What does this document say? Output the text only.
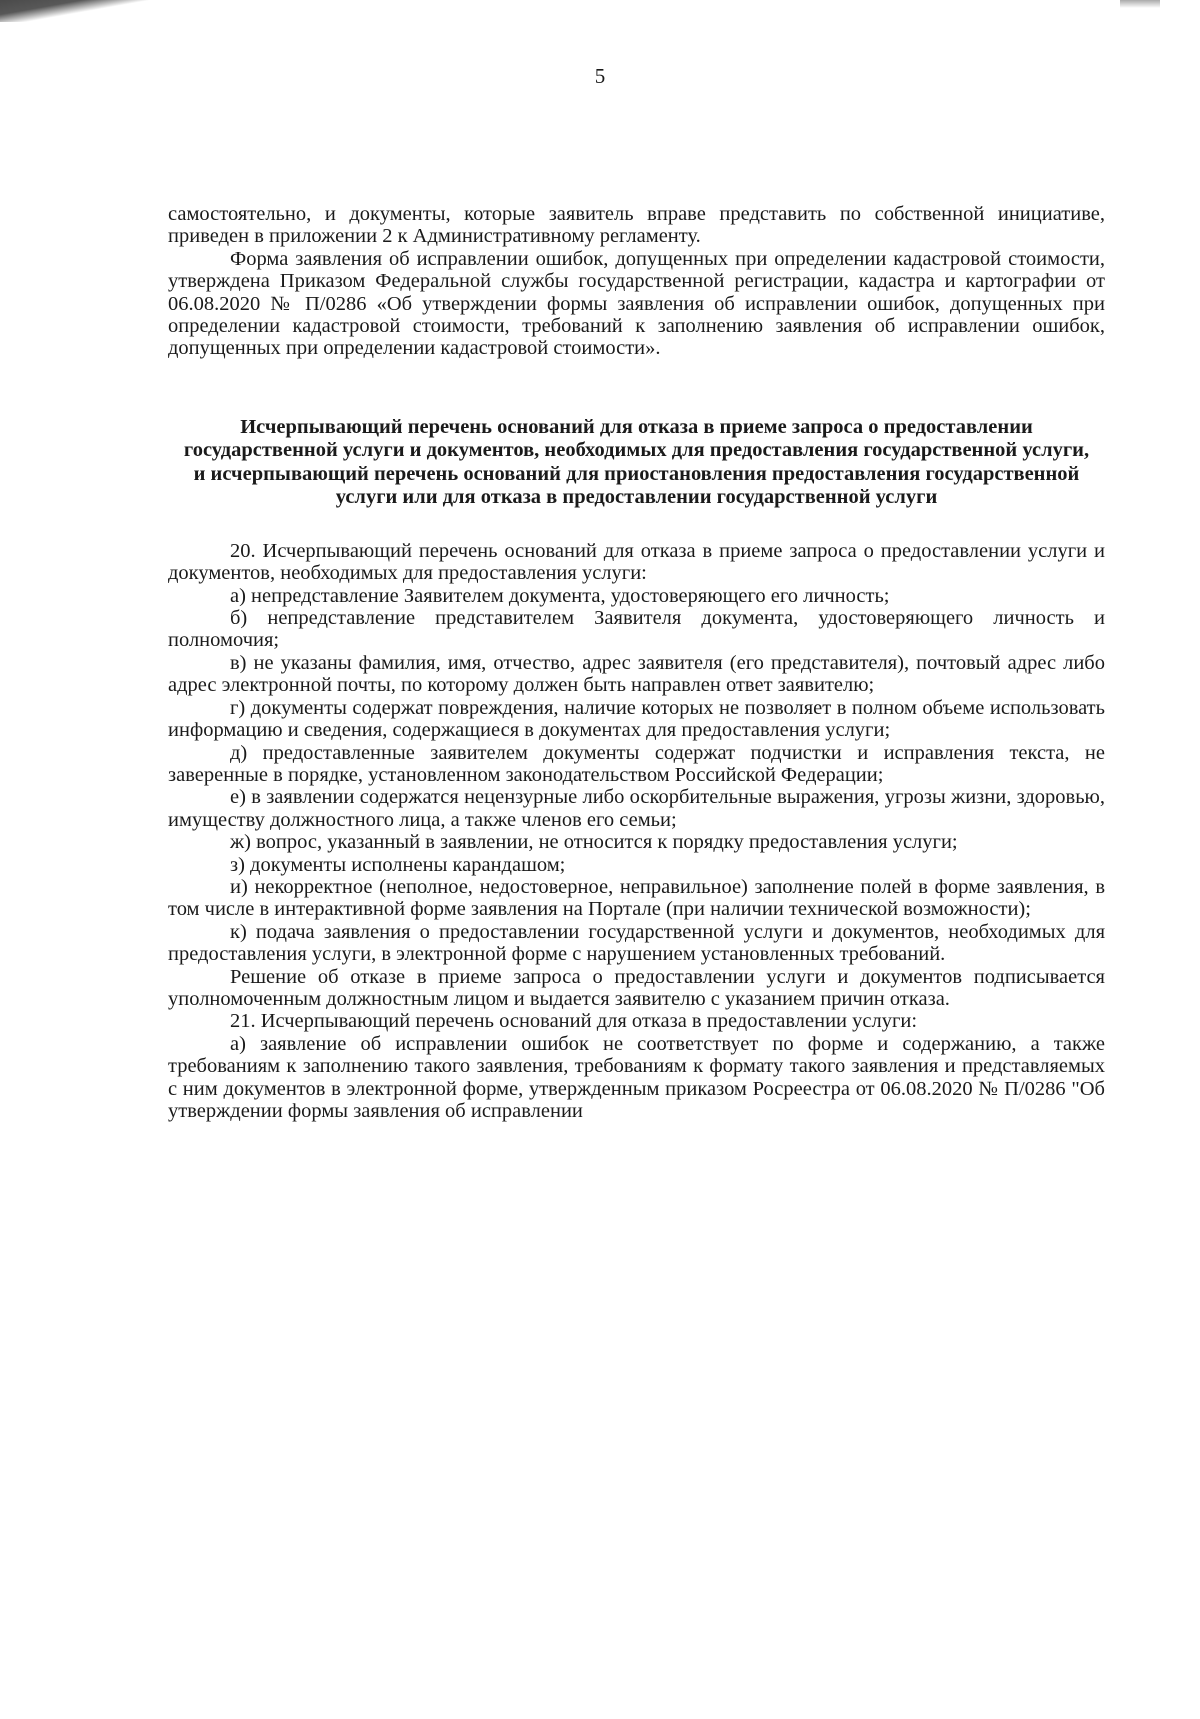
5

самостоятельно, и документы, которые заявитель вправе представить по собственной инициативе, приведен в приложении 2 к Административному регламенту.

Форма заявления об исправлении ошибок, допущенных при определении кадастровой стоимости, утверждена Приказом Федеральной службы государственной регистрации, кадастра и картографии от 06.08.2020 № П/0286 «Об утверждении формы заявления об исправлении ошибок, допущенных при определении кадастровой стоимости, требований к заполнению заявления об исправлении ошибок, допущенных при определении кадастровой стоимости».

Исчерпывающий перечень оснований для отказа в приеме запроса о предоставлении государственной услуги и документов, необходимых для предоставления государственной услуги, и исчерпывающий перечень оснований для приостановления предоставления государственной услуги или для отказа в предоставлении государственной услуги

20. Исчерпывающий перечень оснований для отказа в приеме запроса о предоставлении услуги и документов, необходимых для предоставления услуги:

а) непредставление Заявителем документа, удостоверяющего его личность;

б) непредставление представителем Заявителя документа, удостоверяющего личность и полномочия;

в) не указаны фамилия, имя, отчество, адрес заявителя (его представителя), почтовый адрес либо адрес электронной почты, по которому должен быть направлен ответ заявителю;

г) документы содержат повреждения, наличие которых не позволяет в полном объеме использовать информацию и сведения, содержащиеся в документах для предоставления услуги;

д) предоставленные заявителем документы содержат подчистки и исправления текста, не заверенные в порядке, установленном законодательством Российской Федерации;

е) в заявлении содержатся нецензурные либо оскорбительные выражения, угрозы жизни, здоровью, имуществу должностного лица, а также членов его семьи;

ж) вопрос, указанный в заявлении, не относится к порядку предоставления услуги;

з) документы исполнены карандашом;

и) некорректное (неполное, недостоверное, неправильное) заполнение полей в форме заявления, в том числе в интерактивной форме заявления на Портале (при наличии технической возможности);

к) подача заявления о предоставлении государственной услуги и документов, необходимых для предоставления услуги, в электронной форме с нарушением установленных требований.

Решение об отказе в приеме запроса о предоставлении услуги и документов подписывается уполномоченным должностным лицом и выдается заявителю с указанием причин отказа.

21. Исчерпывающий перечень оснований для отказа в предоставлении услуги:

а) заявление об исправлении ошибок не соответствует по форме и содержанию, а также требованиям к заполнению такого заявления, требованиям к формату такого заявления и представляемых с ним документов в электронной форме, утвержденным приказом Росреестра от 06.08.2020 № П/0286 "Об утверждении формы заявления об исправлении
